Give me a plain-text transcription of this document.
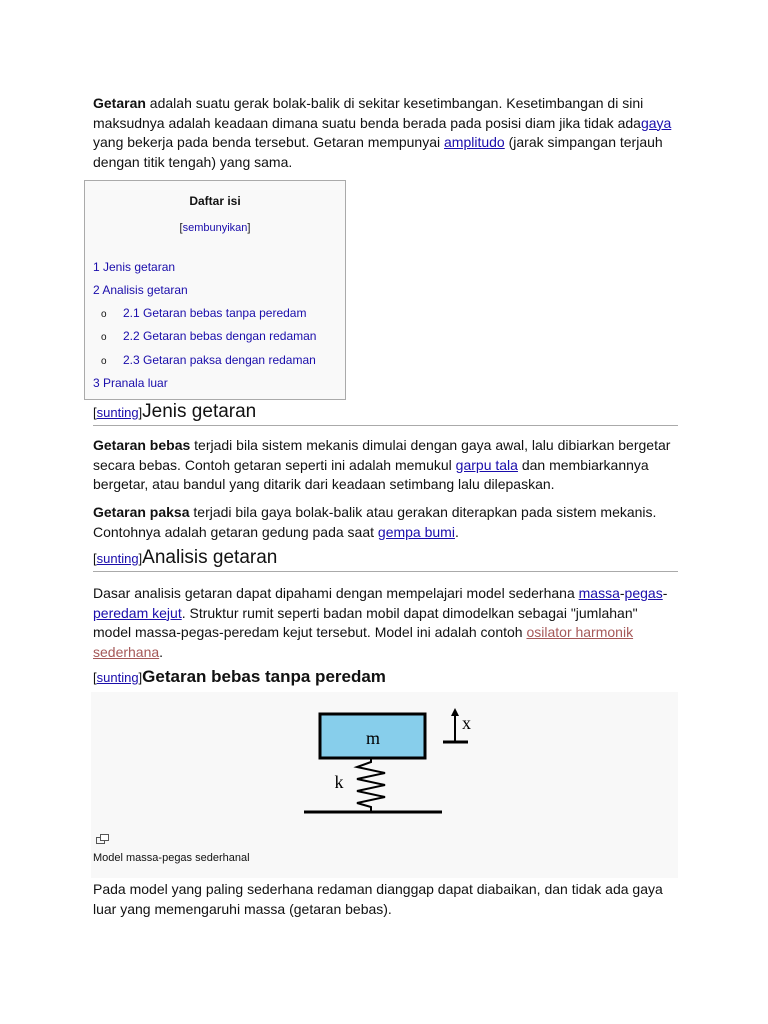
Getaran adalah suatu gerak bolak-balik di sekitar kesetimbangan. Kesetimbangan di sini maksudnya adalah keadaan dimana suatu benda berada pada posisi diam jika tidak adagaya yang bekerja pada benda tersebut. Getaran mempunyai amplitudo (jarak simpangan terjauh dengan titik tengah) yang sama.

Daftar isi
[sembunyikan]
1 Jenis getaran
2 Analisis getaran
o 2.1 Getaran bebas tanpa peredam
o 2.2 Getaran bebas dengan redaman
o 2.3 Getaran paksa dengan redaman
3 Pranala luar
[sunting]Jenis getaran

Getaran bebas terjadi bila sistem mekanis dimulai dengan gaya awal, lalu dibiarkan bergetar secara bebas. Contoh getaran seperti ini adalah memukul garpu tala dan membiarkannya bergetar, atau bandul yang ditarik dari keadaan setimbang lalu dilepaskan.

Getaran paksa terjadi bila gaya bolak-balik atau gerakan diterapkan pada sistem mekanis. Contohnya adalah getaran gedung pada saat gempa bumi.

[sunting]Analisis getaran

Dasar analisis getaran dapat dipahami dengan mempelajari model sederhana massa-pegas-peredam kejut. Struktur rumit seperti badan mobil dapat dimodelkan sebagai "jumlahan" model massa-pegas-peredam kejut tersebut. Model ini adalah contoh osilator harmonik sederhana.

[sunting]Getaran bebas tanpa peredam
m
k
x
Model massa-pegas sederhanal

Pada model yang paling sederhana redaman dianggap dapat diabaikan, dan tidak ada gaya luar yang memengaruhi massa (getaran bebas).
